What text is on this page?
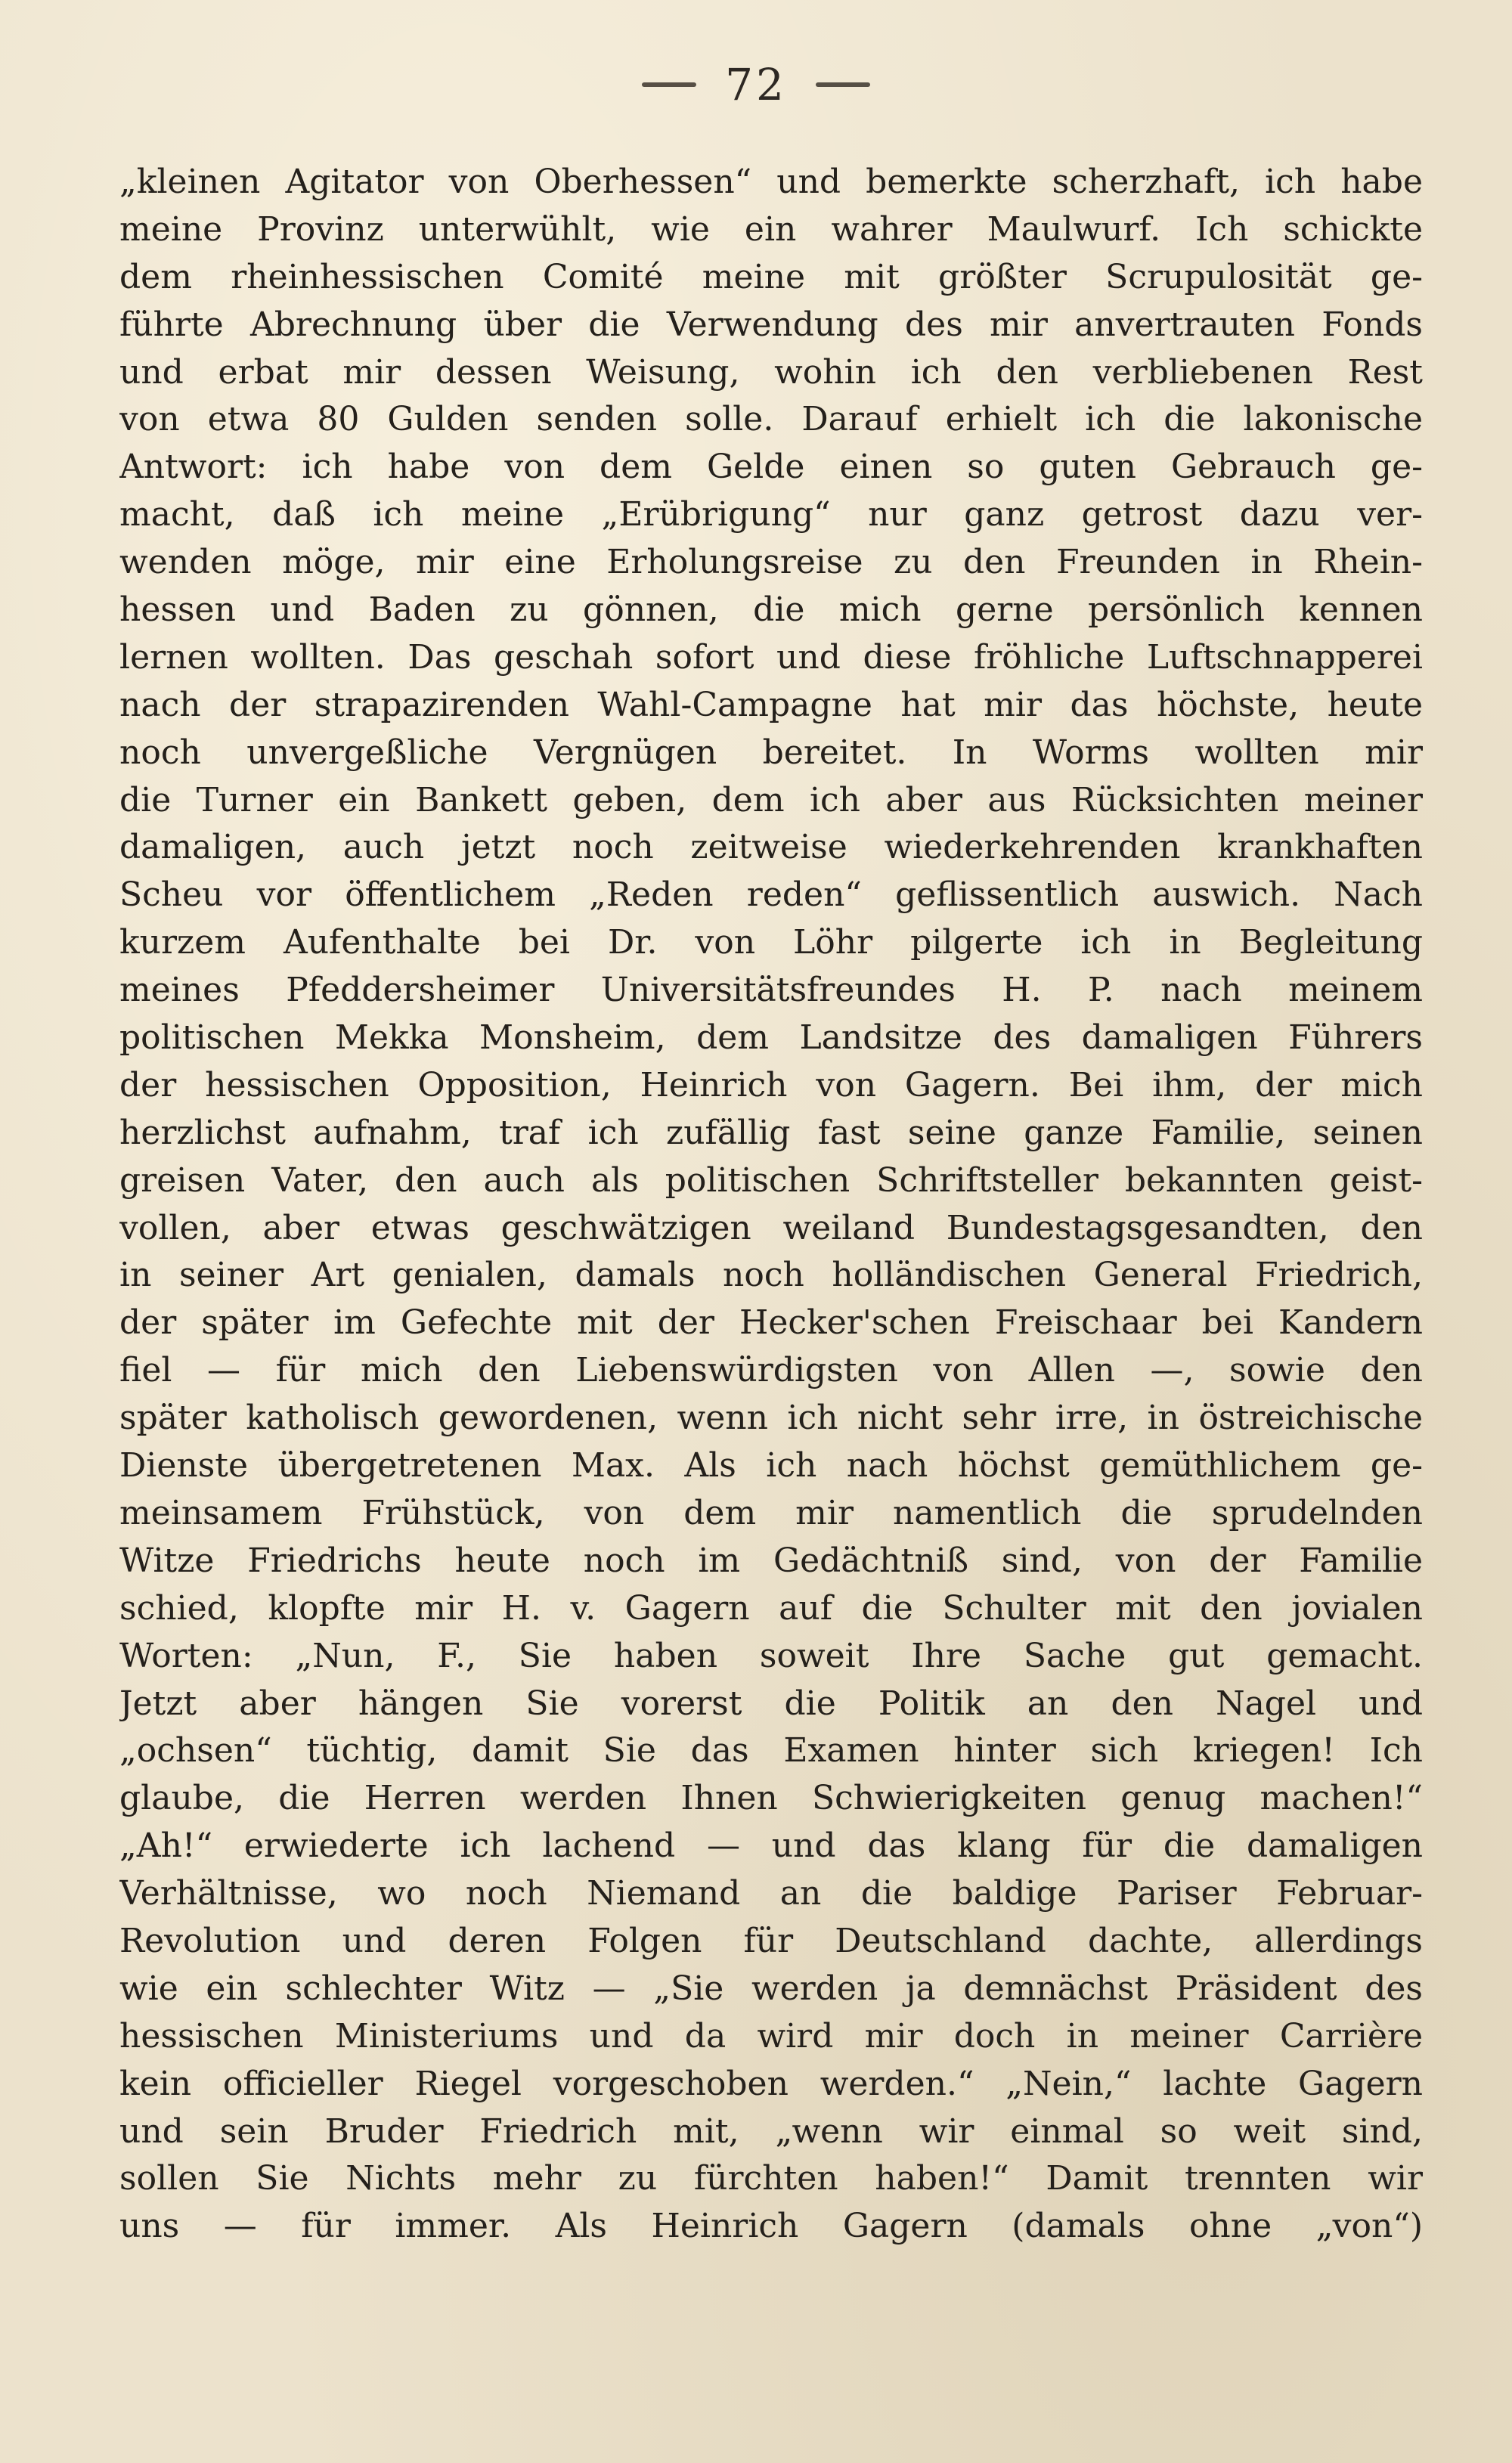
72
„kleinen Agitator von Oberhessen“ und bemerkte scherzhaft, ich habe
meine Provinz unterwühlt, wie ein wahrer Maulwurf. Ich schickte
dem rheinhessischen Comité meine mit größter Scrupulosität ge-
führte Abrechnung über die Verwendung des mir anvertrauten Fonds
und erbat mir dessen Weisung, wohin ich den verbliebenen Rest
von etwa 80 Gulden senden solle. Darauf erhielt ich die lakonische
Antwort: ich habe von dem Gelde einen so guten Gebrauch ge-
macht, daß ich meine „Erübrigung“ nur ganz getrost dazu ver-
wenden möge, mir eine Erholungsreise zu den Freunden in Rhein-
hessen und Baden zu gönnen, die mich gerne persönlich kennen
lernen wollten. Das geschah sofort und diese fröhliche Luftschnapperei
nach der strapazirenden Wahl-Campagne hat mir das höchste, heute
noch unvergeßliche Vergnügen bereitet. In Worms wollten mir
die Turner ein Bankett geben, dem ich aber aus Rücksichten meiner
damaligen, auch jetzt noch zeitweise wiederkehrenden krankhaften
Scheu vor öffentlichem „Reden reden“ geflissentlich auswich. Nach
kurzem Aufenthalte bei Dr. von Löhr pilgerte ich in Begleitung
meines Pfeddersheimer Universitätsfreundes H. P. nach meinem
politischen Mekka Monsheim, dem Landsitze des damaligen Führers
der hessischen Opposition, Heinrich von Gagern. Bei ihm, der mich
herzlichst aufnahm, traf ich zufällig fast seine ganze Familie, seinen
greisen Vater, den auch als politischen Schriftsteller bekannten geist-
vollen, aber etwas geschwätzigen weiland Bundestagsgesandten, den
in seiner Art genialen, damals noch holländischen General Friedrich,
der später im Gefechte mit der Hecker'schen Freischaar bei Kandern
fiel — für mich den Liebenswürdigsten von Allen —, sowie den
später katholisch gewordenen, wenn ich nicht sehr irre, in östreichische
Dienste übergetretenen Max. Als ich nach höchst gemüthlichem ge-
meinsamem Frühstück, von dem mir namentlich die sprudelnden
Witze Friedrichs heute noch im Gedächtniß sind, von der Familie
schied, klopfte mir H. v. Gagern auf die Schulter mit den jovialen
Worten: „Nun, F., Sie haben soweit Ihre Sache gut gemacht.
Jetzt aber hängen Sie vorerst die Politik an den Nagel und
„ochsen“ tüchtig, damit Sie das Examen hinter sich kriegen! Ich
glaube, die Herren werden Ihnen Schwierigkeiten genug machen!“
„Ah!“ erwiederte ich lachend — und das klang für die damaligen
Verhältnisse, wo noch Niemand an die baldige Pariser Februar-
Revolution und deren Folgen für Deutschland dachte, allerdings
wie ein schlechter Witz — „Sie werden ja demnächst Präsident des
hessischen Ministeriums und da wird mir doch in meiner Carrière
kein officieller Riegel vorgeschoben werden.“ „Nein,“ lachte Gagern
und sein Bruder Friedrich mit, „wenn wir einmal so weit sind,
sollen Sie Nichts mehr zu fürchten haben!“ Damit trennten wir
uns — für immer. Als Heinrich Gagern (damals ohne „von“)
